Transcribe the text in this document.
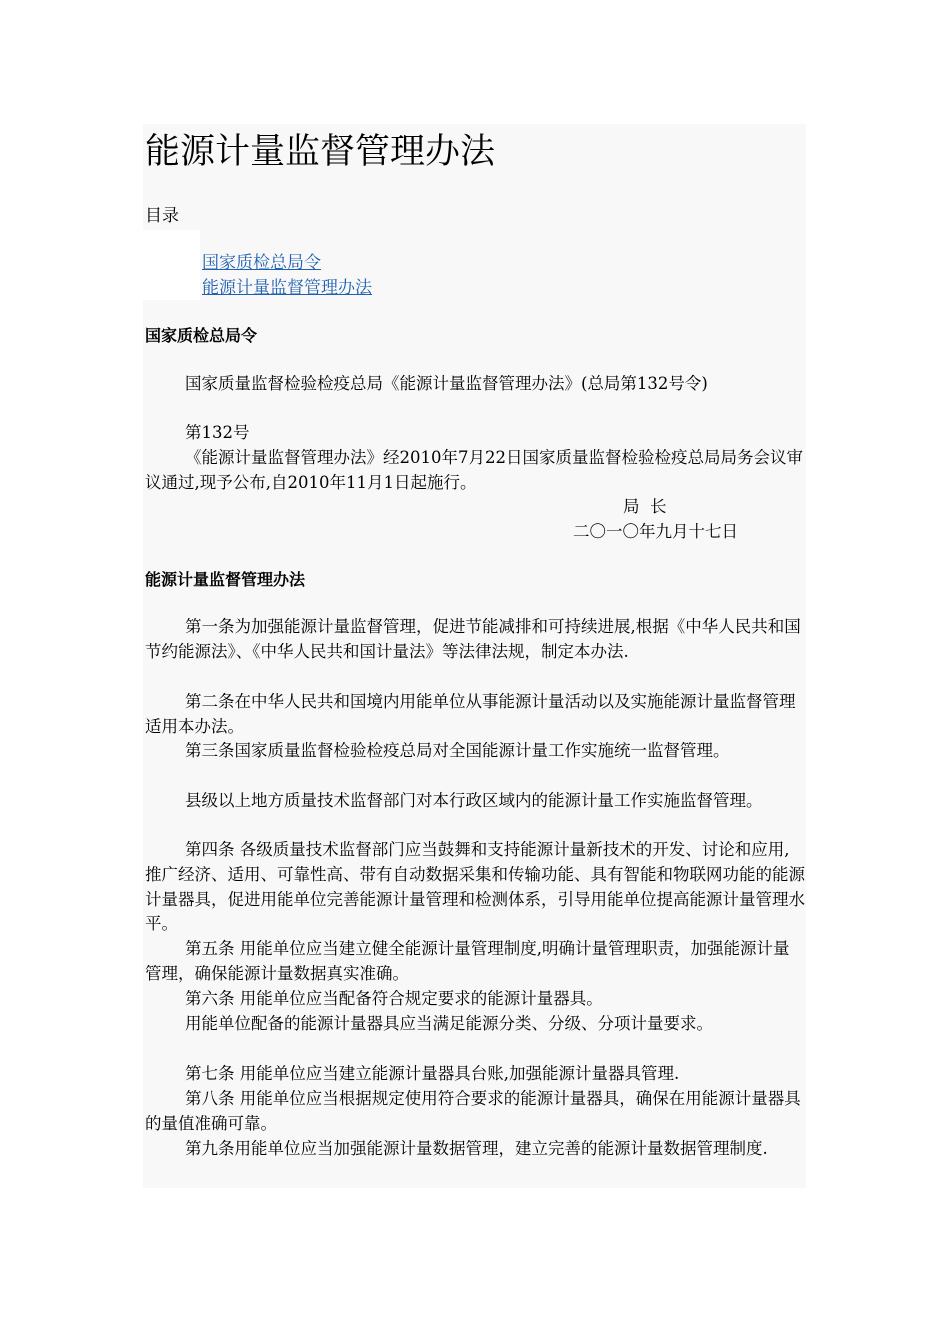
能源计量监督管理办法
目录
国家质检总局令
能源计量监督管理办法
国家质检总局令

国家质量监督检验检疫总局《能源计量监督管理办法》(总局第132号令)

第132号

《能源计量监督管理办法》经2010年7月22日国家质量监督检验检疫总局局务会议审议通过,现予公布,自2010年11月1日起施行。

局  长
二〇一〇年九月十七日
能源计量监督管理办法

第一条为加强能源计量监督管理，促进节能减排和可持续进展,根据《中华人民共和国节约能源法》、《中华人民共和国计量法》等法律法规，制定本办法.

第二条在中华人民共和国境内用能单位从事能源计量活动以及实施能源计量监督管理适用本办法。

第三条国家质量监督检验检疫总局对全国能源计量工作实施统一监督管理。

县级以上地方质量技术监督部门对本行政区域内的能源计量工作实施监督管理。

第四条 各级质量技术监督部门应当鼓舞和支持能源计量新技术的开发、讨论和应用,推广经济、适用、可靠性高、带有自动数据采集和传输功能、具有智能和物联网功能的能源计量器具，促进用能单位完善能源计量管理和检测体系，引导用能单位提高能源计量管理水平。

第五条 用能单位应当建立健全能源计量管理制度,明确计量管理职责，加强能源计量管理，确保能源计量数据真实准确。

第六条 用能单位应当配备符合规定要求的能源计量器具。

用能单位配备的能源计量器具应当满足能源分类、分级、分项计量要求。

第七条 用能单位应当建立能源计量器具台账,加强能源计量器具管理.

第八条 用能单位应当根据规定使用符合要求的能源计量器具，确保在用能源计量器具的量值准确可靠。

第九条用能单位应当加强能源计量数据管理，建立完善的能源计量数据管理制度.
